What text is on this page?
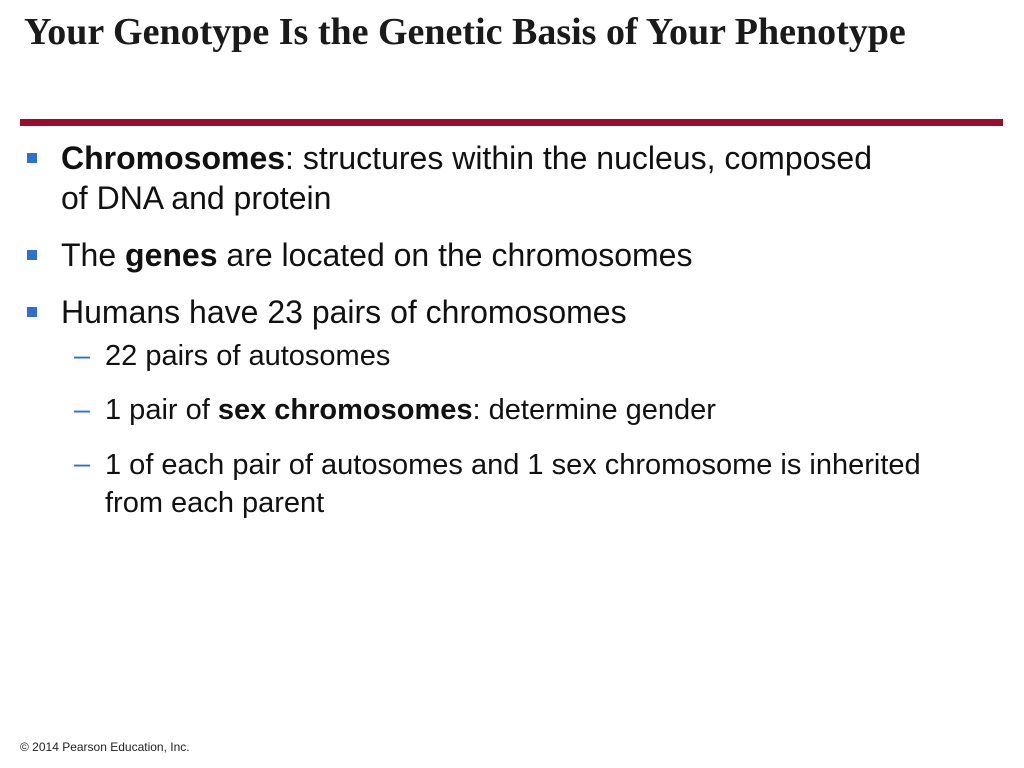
Your Genotype Is the Genetic Basis of Your Phenotype
Chromosomes: structures within the nucleus, composed of DNA and protein
The genes are located on the chromosomes
Humans have 23 pairs of chromosomes
– 22 pairs of autosomes
– 1 pair of sex chromosomes: determine gender
– 1 of each pair of autosomes and 1 sex chromosome is inherited from each parent
© 2014 Pearson Education, Inc.
